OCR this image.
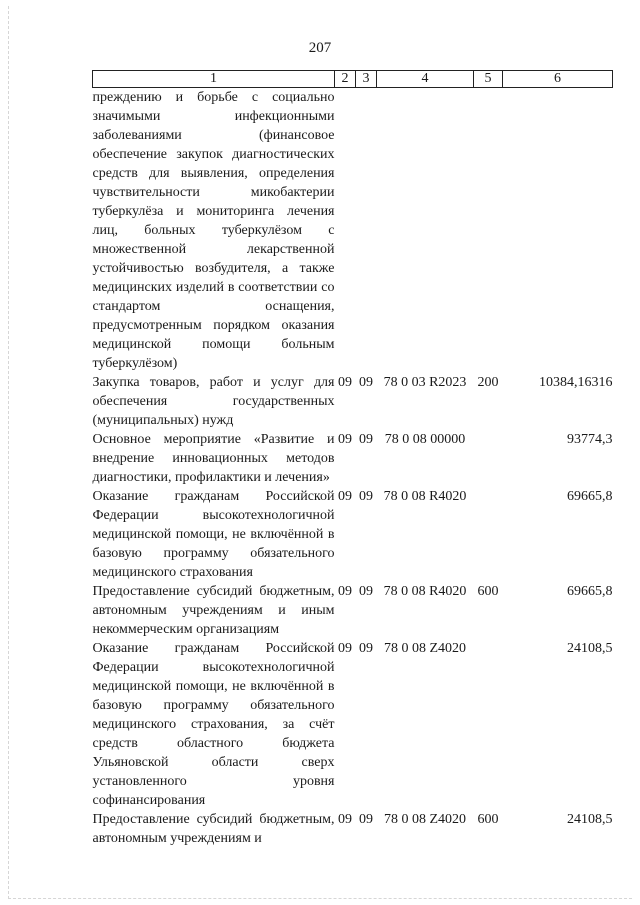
207
1	2	3	4	5	6
преждению и борьбе с социально значимыми инфекционными заболеваниями (финансовое обеспечение закупок диагностических средств для выявления, определения чувствительности микобактерии туберкулёза и мониторинга лечения лиц, больных туберкулёзом с множественной лекарственной устойчивостью возбудителя, а также медицинских изделий в соответствии со стандартом оснащения, предусмотренным порядком оказания медицинской помощи больным туберкулёзом)					
Закупка товаров, работ и услуг для обеспечения государственных (муниципальных) нужд	09	09	78 0 03 R2023	200	10384,16316
Основное мероприятие «Развитие и внедрение инновационных методов диагностики, профилактики и лечения»	09	09	78 0 08 00000		93774,3
Оказание гражданам Российской Федерации высокотехнологичной медицинской помощи, не включённой в базовую программу обязательного медицинского страхования	09	09	78 0 08 R4020		69665,8
Предоставление субсидий бюджетным, автономным учреждениям и иным некоммерческим организациям	09	09	78 0 08 R4020	600	69665,8
Оказание гражданам Российской Федерации высокотехнологичной медицинской помощи, не включённой в базовую программу обязательного медицинского страхования, за счёт средств областного бюджета Ульяновской области сверх установленного уровня софинансирования	09	09	78 0 08 Z4020		24108,5
Предоставление субсидий бюджетным, автономным учреждениям и	09	09	78 0 08 Z4020	600	24108,5
